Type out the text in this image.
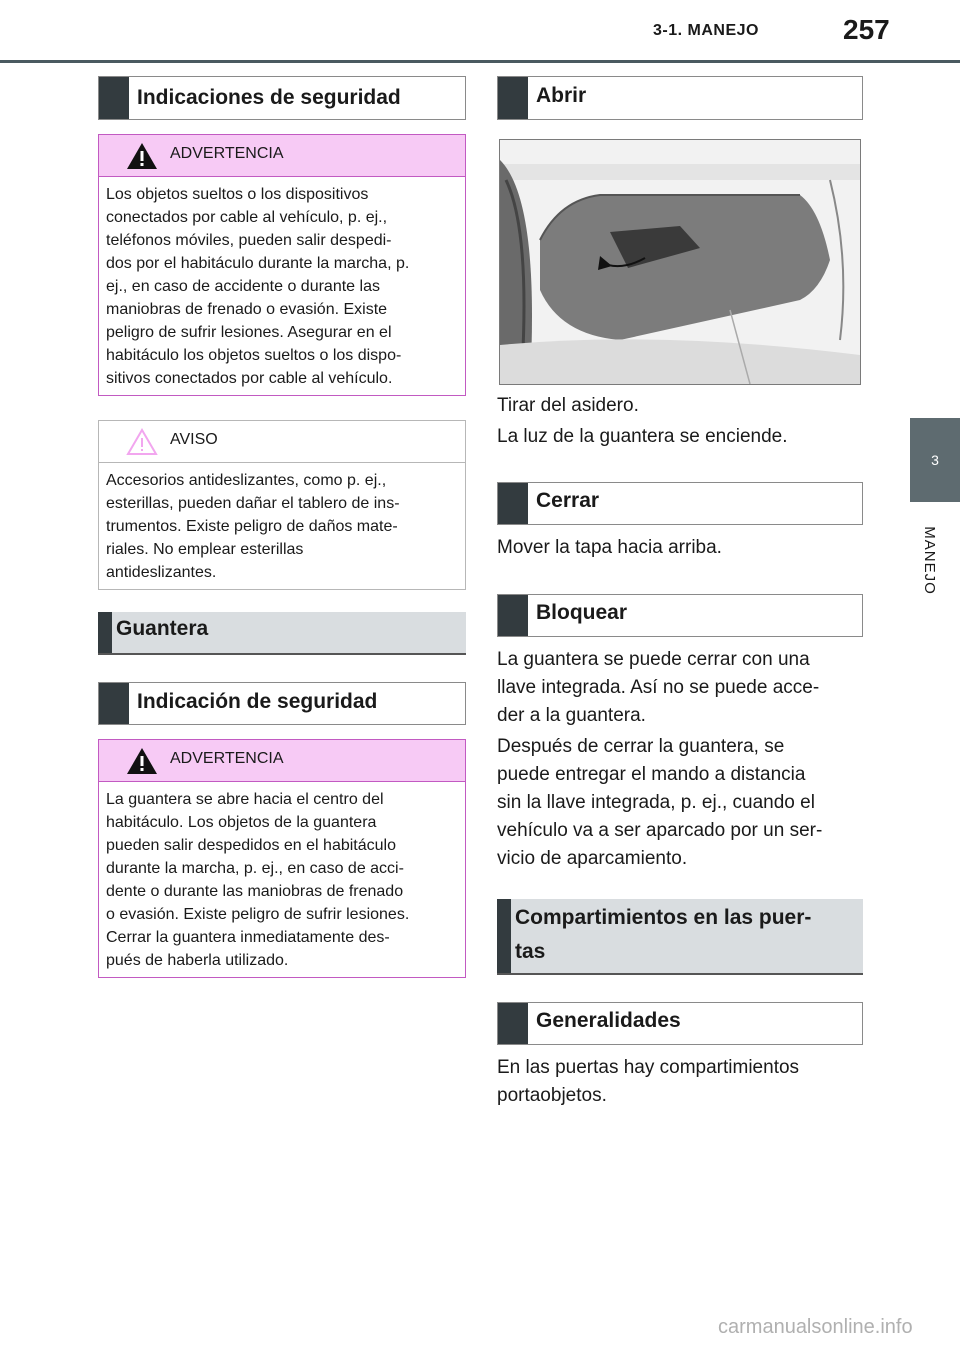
3-1. MANEJO	257
3
MANEJO
Indicaciones de seguridad
ADVERTENCIA
Los objetos sueltos o los dispositivos
conectados por cable al vehículo, p. ej.,
teléfonos móviles, pueden salir despedi-
dos por el habitáculo durante la marcha, p.
ej., en caso de accidente o durante las
maniobras de frenado o evasión. Existe
peligro de sufrir lesiones. Asegurar en el
habitáculo los objetos sueltos o los dispo-
sitivos conectados por cable al vehículo.
AVISO
Accesorios antideslizantes, como p. ej.,
esterillas, pueden dañar el tablero de ins-
trumentos. Existe peligro de daños mate-
riales. No emplear esterillas
antideslizantes.
Guantera
Indicación de seguridad
ADVERTENCIA
La guantera se abre hacia el centro del
habitáculo. Los objetos de la guantera
pueden salir despedidos en el habitáculo
durante la marcha, p. ej., en caso de acci-
dente o durante las maniobras de frenado
o evasión. Existe peligro de sufrir lesiones.
Cerrar la guantera inmediatamente des-
pués de haberla utilizado.
Abrir
Tirar del asidero.
La luz de la guantera se enciende.
Cerrar
Mover la tapa hacia arriba.
Bloquear
La guantera se puede cerrar con una
llave integrada. Así no se puede acce-
der a la guantera.
Después de cerrar la guantera, se
puede entregar el mando a distancia
sin la llave integrada, p. ej., cuando el
vehículo va a ser aparcado por un ser-
vicio de aparcamiento.
Compartimientos en las puer-
tas
Generalidades
En las puertas hay compartimientos
portaobjetos.
carmanualsonline.info
